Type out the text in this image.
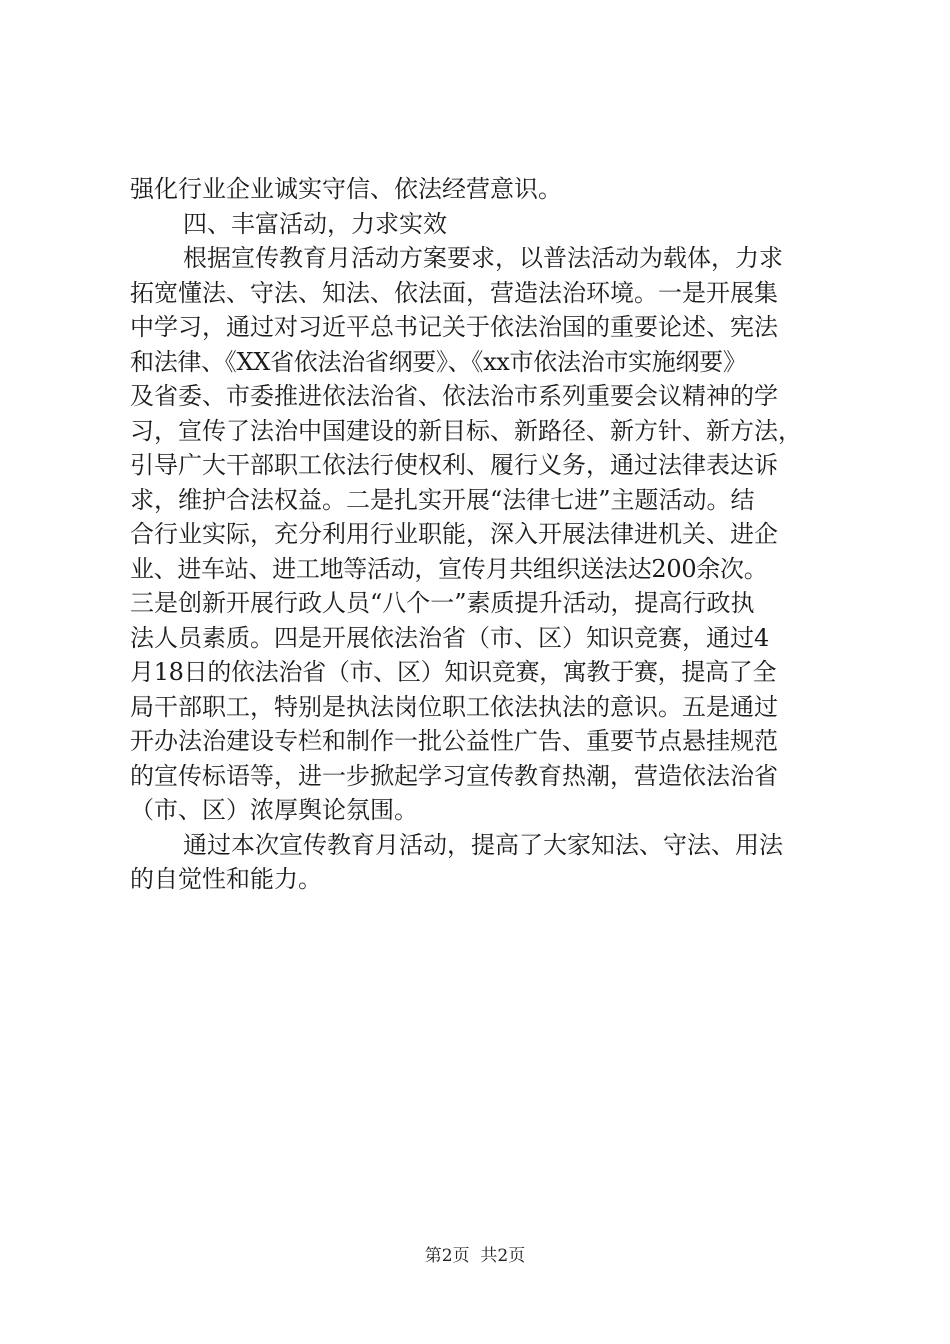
强化行业企业诚实守信、依法经营意识。
四、丰富活动，力求实效
根据宣传教育月活动方案要求，以普法活动为载体，力求
拓宽懂法、守法、知法、依法面，营造法治环境。一是开展集
中学习，通过对习近平总书记关于依法治国的重要论述、宪法
和法律、《XX省依法治省纲要》、《xx市依法治市实施纲要》
及省委、市委推进依法治省、依法治市系列重要会议精神的学
习，宣传了法治中国建设的新目标、新路径、新方针、新方法，
引导广大干部职工依法行使权利、履行义务，通过法律表达诉
求，维护合法权益。二是扎实开展“法律七进”主题活动。结
合行业实际，充分利用行业职能，深入开展法律进机关、进企
业、进车站、进工地等活动，宣传月共组织送法达200余次。
三是创新开展行政人员“八个一”素质提升活动，提高行政执
法人员素质。四是开展依法治省（市、区）知识竞赛，通过4
月18日的依法治省（市、区）知识竞赛，寓教于赛，提高了全
局干部职工，特别是执法岗位职工依法执法的意识。五是通过
开办法治建设专栏和制作一批公益性广告、重要节点悬挂规范
的宣传标语等，进一步掀起学习宣传教育热潮，营造依法治省
（市、区）浓厚舆论氛围。
通过本次宣传教育月活动，提高了大家知法、守法、用法
的自觉性和能力。
第2页  共2页
